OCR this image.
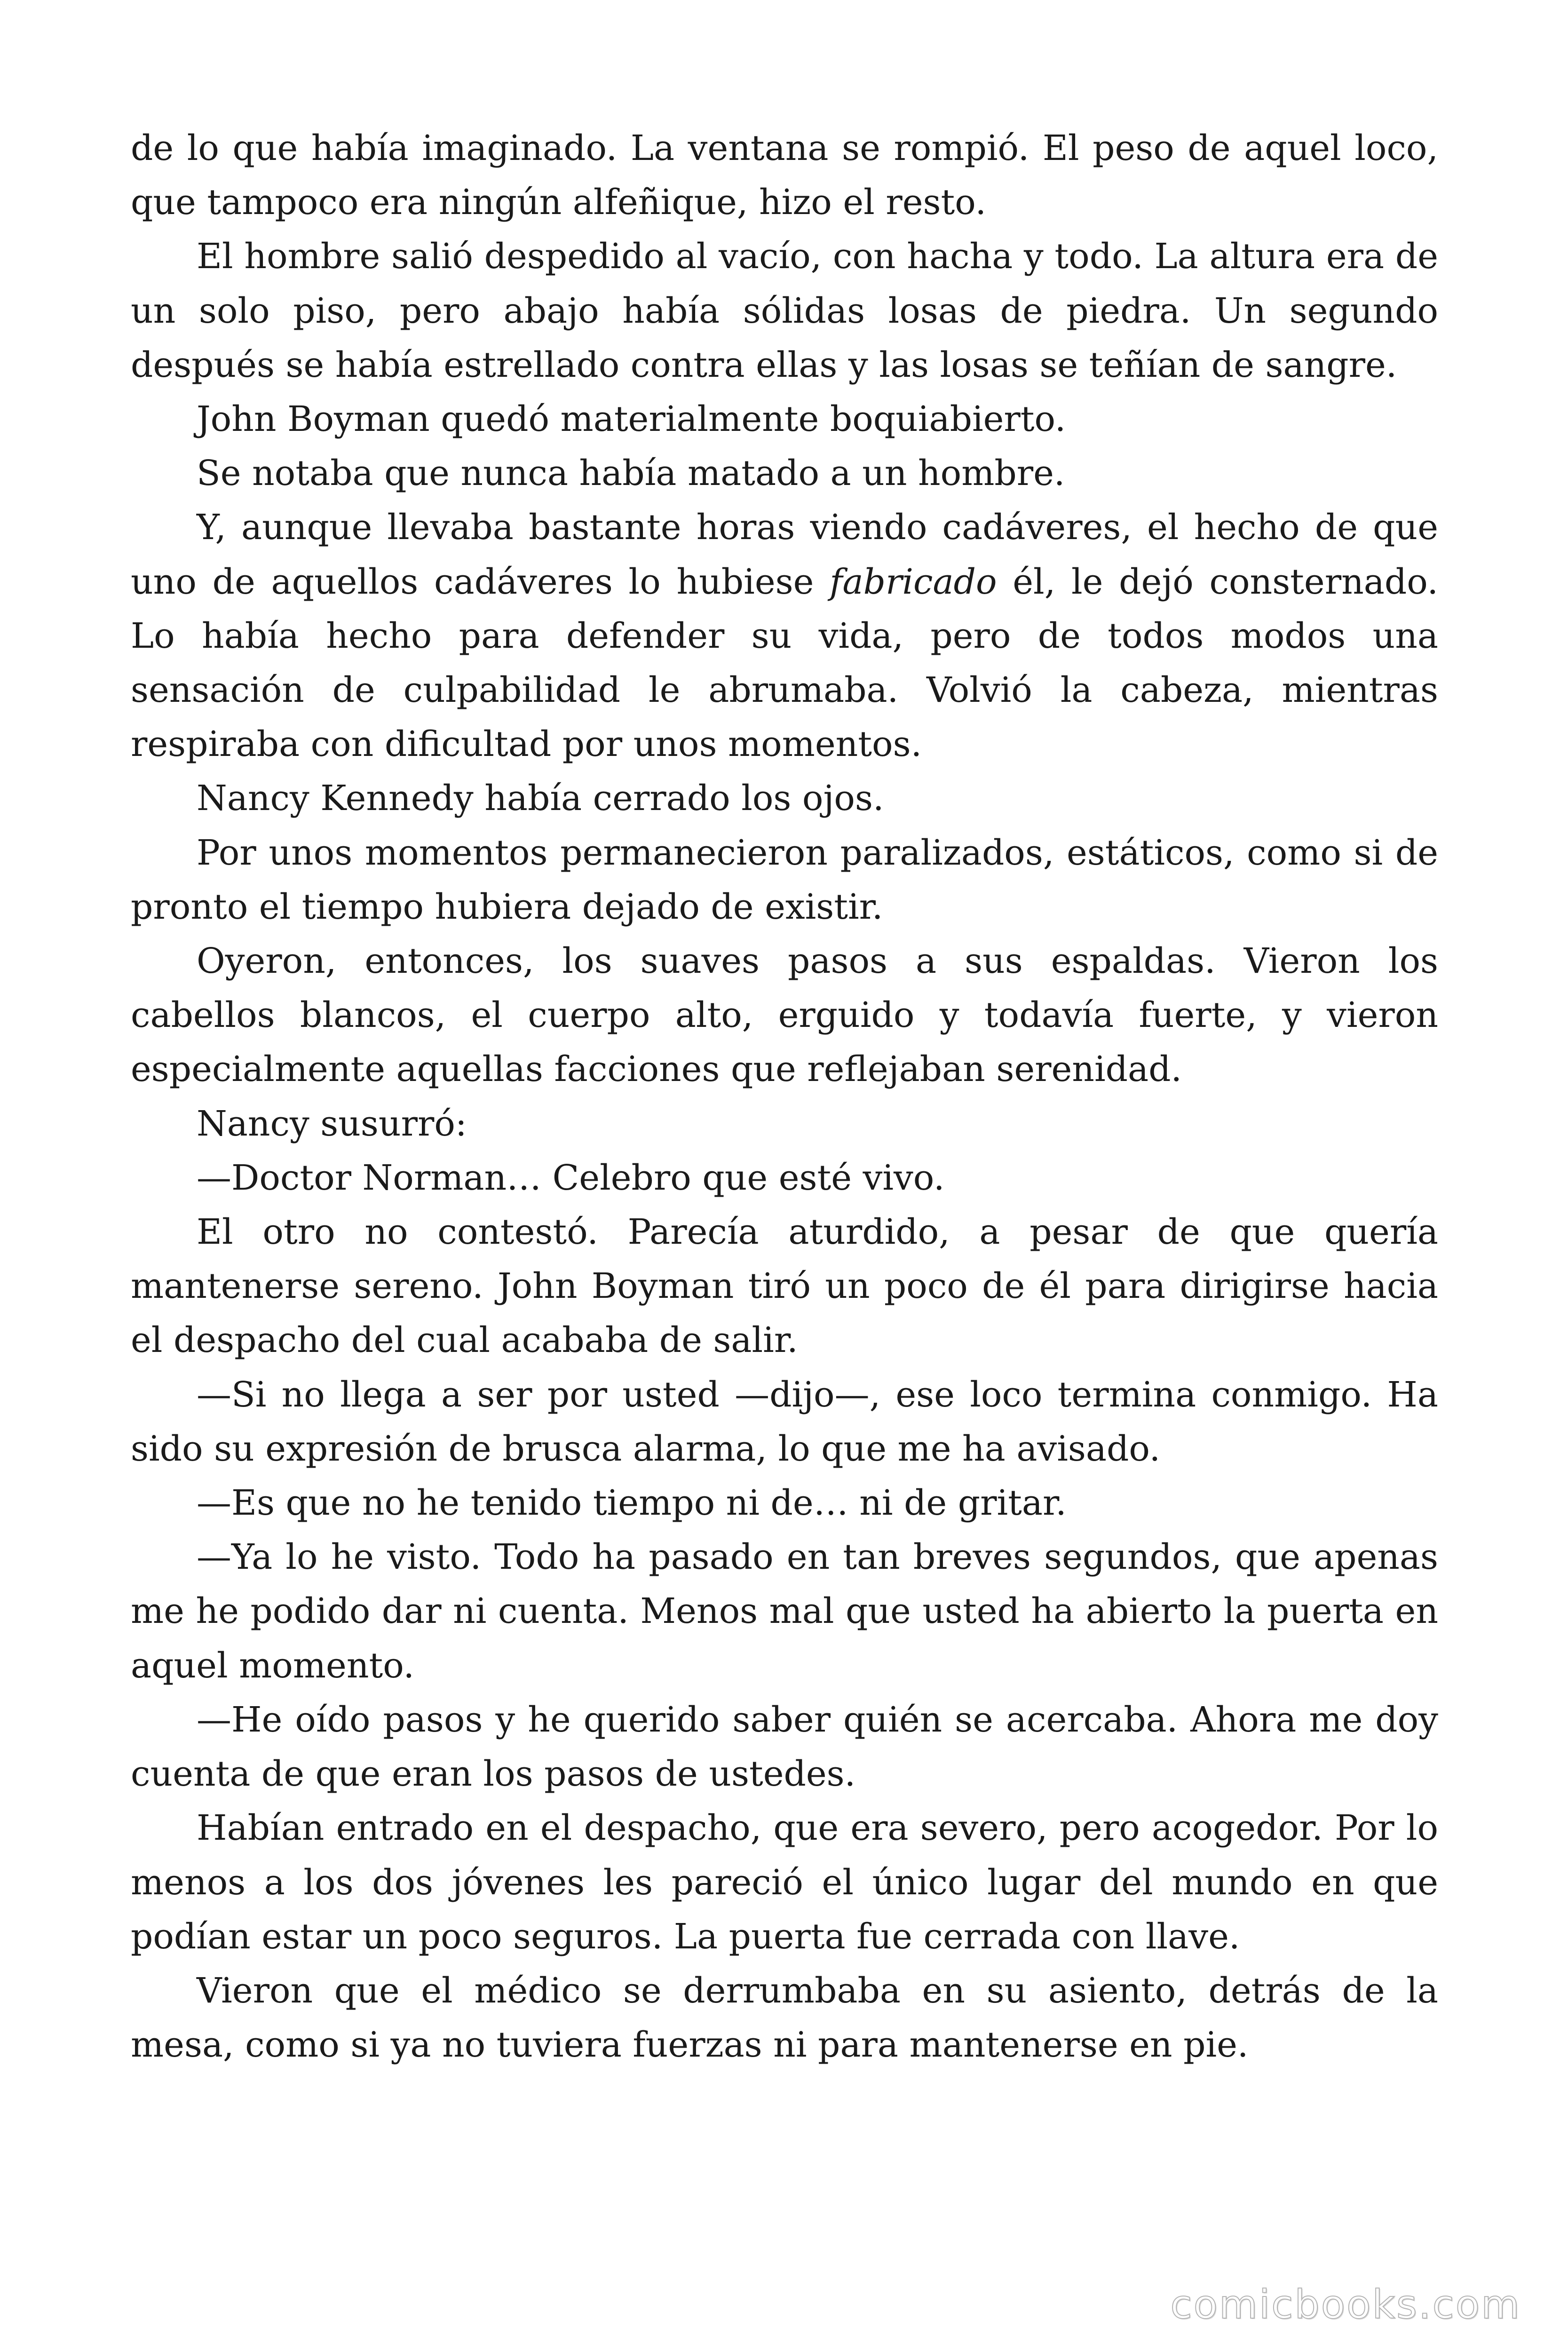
de lo que había imaginado. La ventana se rompió. El peso de aquel loco, que tampoco era ningún alfeñique, hizo el resto.

El hombre salió despedido al vacío, con hacha y todo. La altura era de un solo piso, pero abajo había sólidas losas de piedra. Un segundo después se había estrellado contra ellas y las losas se teñían de sangre.

John Boyman quedó materialmente boquiabierto.

Se notaba que nunca había matado a un hombre.

Y, aunque llevaba bastante horas viendo cadáveres, el hecho de que uno de aquellos cadáveres lo hubiese fabricado él, le dejó consternado. Lo había hecho para defender su vida, pero de todos modos una sensación de culpabilidad le abrumaba. Volvió la cabeza, mientras respiraba con dificultad por unos momentos.

Nancy Kennedy había cerrado los ojos.

Por unos momentos permanecieron paralizados, estáticos, como si de pronto el tiempo hubiera dejado de existir.

Oyeron, entonces, los suaves pasos a sus espaldas. Vieron los cabellos blancos, el cuerpo alto, erguido y todavía fuerte, y vieron especialmente aquellas facciones que reflejaban serenidad.

Nancy susurró:

—Doctor Norman… Celebro que esté vivo.

El otro no contestó. Parecía aturdido, a pesar de que quería mantenerse sereno. John Boyman tiró un poco de él para dirigirse hacia el despacho del cual acababa de salir.

—Si no llega a ser por usted —dijo—, ese loco termina conmigo. Ha sido su expresión de brusca alarma, lo que me ha avisado.

—Es que no he tenido tiempo ni de… ni de gritar.

—Ya lo he visto. Todo ha pasado en tan breves segundos, que apenas me he podido dar ni cuenta. Menos mal que usted ha abierto la puerta en aquel momento.

—He oído pasos y he querido saber quién se acercaba. Ahora me doy cuenta de que eran los pasos de ustedes.

Habían entrado en el despacho, que era severo, pero acogedor. Por lo menos a los dos jóvenes les pareció el único lugar del mundo en que podían estar un poco seguros. La puerta fue cerrada con llave.

Vieron que el médico se derrumbaba en su asiento, detrás de la mesa, como si ya no tuviera fuerzas ni para mantenerse en pie.

comicbooks.com
